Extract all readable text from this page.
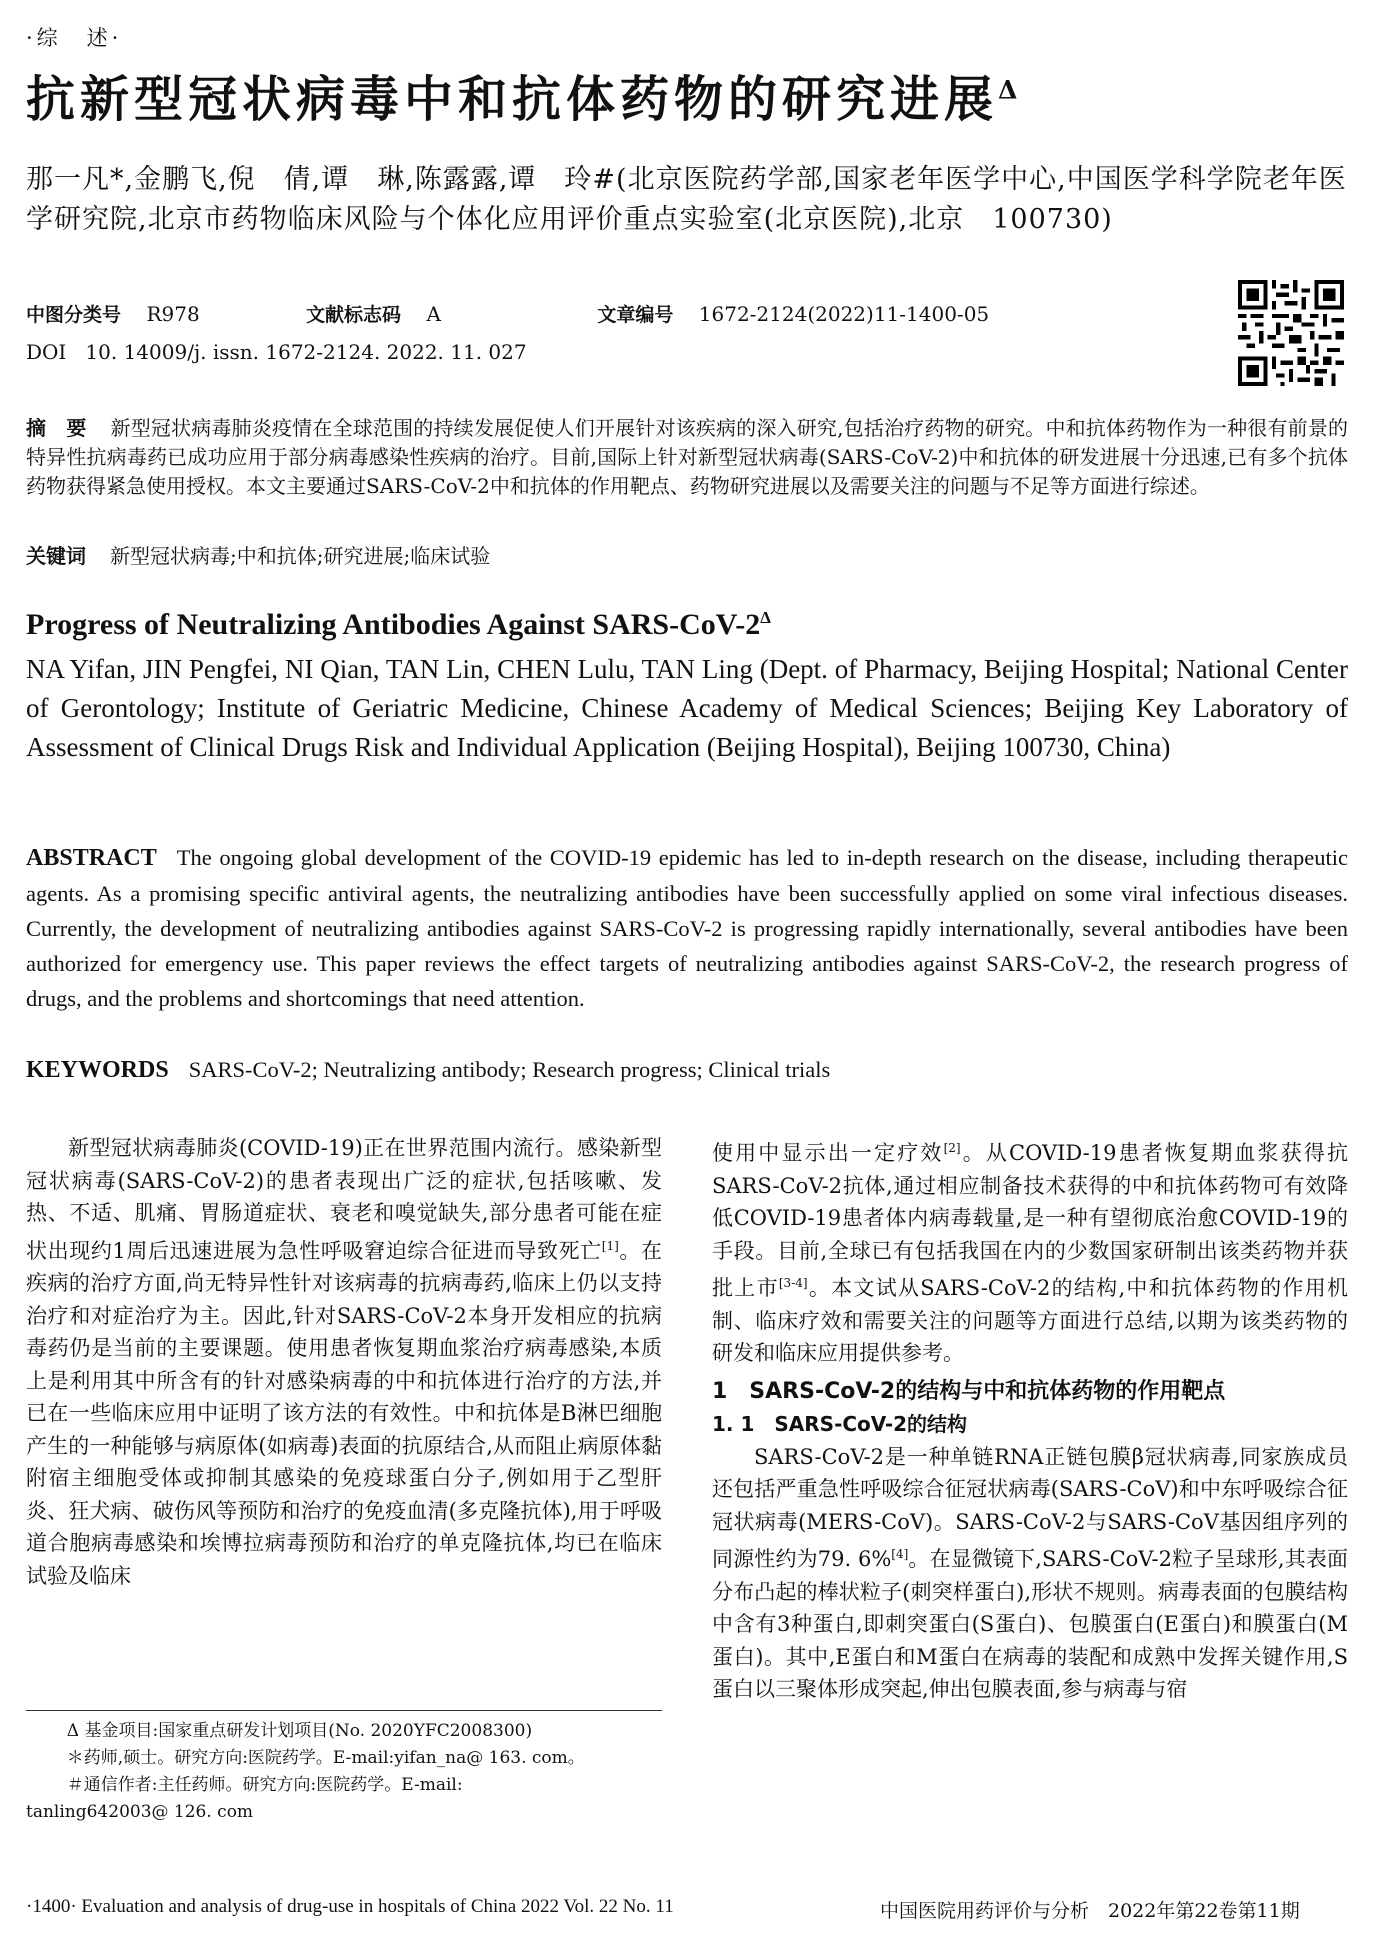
·综　述·
抗新型冠状病毒中和抗体药物的研究进展$^\Delta$
那一凡*,金鹏飞,倪　倩,谭　琳,陈露露,谭　玲#(北京医院药学部,国家老年医学中心,中国医学科学院老年医学研究院,北京市药物临床风险与个体化应用评价重点实验室(北京医院),北京　100730)
中图分类号 R978	文献标志码 A	文章编号 1672-2124(2022)11-1400-05
DOI 10. 14009/j. issn. 1672-2124. 2022. 11. 027
摘　要 新型冠状病毒肺炎疫情在全球范围的持续发展促使人们开展针对该疾病的深入研究,包括治疗药物的研究。中和抗体药物作为一种很有前景的特异性抗病毒药已成功应用于部分病毒感染性疾病的治疗。目前,国际上针对新型冠状病毒(SARS-CoV-2)中和抗体的研发进展十分迅速,已有多个抗体药物获得紧急使用授权。本文主要通过SARS-CoV-2中和抗体的作用靶点、药物研究进展以及需要关注的问题与不足等方面进行综述。
关键词 新型冠状病毒;中和抗体;研究进展;临床试验
Progress of Neutralizing Antibodies Against SARS-$CoV-2^\Delta$
NA Yifan, JIN Pengfei, NI Qian, TAN Lin, CHEN Lulu, TAN Ling (Dept. of Pharmacy, Beijing Hospital; National Center of Gerontology; Institute of Geriatric Medicine, Chinese Academy of Medical Sciences; Beijing Key Laboratory of Assessment of Clinical Drugs Risk and Individual Application (Beijing Hospital), Beijing 100730, China)
ABSTRACT The ongoing global development of the COVID-19 epidemic has led to in-depth research on the disease, including therapeutic agents. As a promising specific antiviral agents, the neutralizing antibodies have been successfully applied on some viral infectious diseases. Currently, the development of neutralizing antibodies against SARS-CoV-2 is progressing rapidly internationally, several antibodies have been authorized for emergency use. This paper reviews the effect targets of neutralizing antibodies against SARS-CoV-2, the research progress of drugs, and the problems and shortcomings that need attention.
KEYWORDS SARS-CoV-2; Neutralizing antibody; Research progress; Clinical trials

新型冠状病毒肺炎(COVID-19)正在世界范围内流行。感染新型冠状病毒(SARS-CoV-2)的患者表现出广泛的症状,包括咳嗽、发热、不适、肌痛、胃肠道症状、衰老和嗅觉缺失,部分患者可能在症状出现约1周后迅速进展为急性呼吸窘迫综合征进而导致死亡[1]。在疾病的治疗方面,尚无特异性针对该病毒的抗病毒药,临床上仍以支持治疗和对症治疗为主。因此,针对SARS-CoV-2本身开发相应的抗病毒药仍是当前的主要课题。使用患者恢复期血浆治疗病毒感染,本质上是利用其中所含有的针对感染病毒的中和抗体进行治疗的方法,并已在一些临床应用中证明了该方法的有效性。中和抗体是B淋巴细胞产生的一种能够与病原体(如病毒)表面的抗原结合,从而阻止病原体黏附宿主细胞受体或抑制其感染的免疫球蛋白分子,例如用于乙型肝炎、狂犬病、破伤风等预防和治疗的免疫血清(多克隆抗体),用于呼吸道合胞病毒感染和埃博拉病毒预防和治疗的单克隆抗体,均已在临床试验及临床

使用中显示出一定疗效[2]。从COVID-19患者恢复期血浆获得抗SARS-CoV-2抗体,通过相应制备技术获得的中和抗体药物可有效降低COVID-19患者体内病毒载量,是一种有望彻底治愈COVID-19的手段。目前,全球已有包括我国在内的少数国家研制出该类药物并获批上市[3-4]。本文试从SARS-CoV-2的结构,中和抗体药物的作用机制、临床疗效和需要关注的问题等方面进行总结,以期为该类药物的研发和临床应用提供参考。

1　SARS-CoV-2的结构与中和抗体药物的作用靶点
1. 1　SARS-CoV-2的结构

SARS-CoV-2是一种单链RNA正链包膜β冠状病毒,同家族成员还包括严重急性呼吸综合征冠状病毒(SARS-CoV)和中东呼吸综合征冠状病毒(MERS-CoV)。SARS-CoV-2与SARS-CoV基因组序列的同源性约为79. 6%[4]。在显微镜下,SARS-CoV-2粒子呈球形,其表面分布凸起的棒状粒子(刺突样蛋白),形状不规则。病毒表面的包膜结构中含有3种蛋白,即刺突蛋白(S蛋白)、包膜蛋白(E蛋白)和膜蛋白(M蛋白)。其中,E蛋白和M蛋白在病毒的装配和成熟中发挥关键作用,S蛋白以三聚体形成突起,伸出包膜表面,参与病毒与宿

Δ 基金项目:国家重点研发计划项目(No. 2020YFC2008300)

＊药师,硕士。研究方向:医院药学。E-mail:yifan_na@ 163. com。

＃通信作者:主任药师。研究方向:医院药学。E-mail:

tanling642003@ 126. com

·1400· Evaluation and analysis of drug-use in hospitals of China 2022 Vol. 22 No. 11	中国医院用药评价与分析　2022年第22卷第11期
